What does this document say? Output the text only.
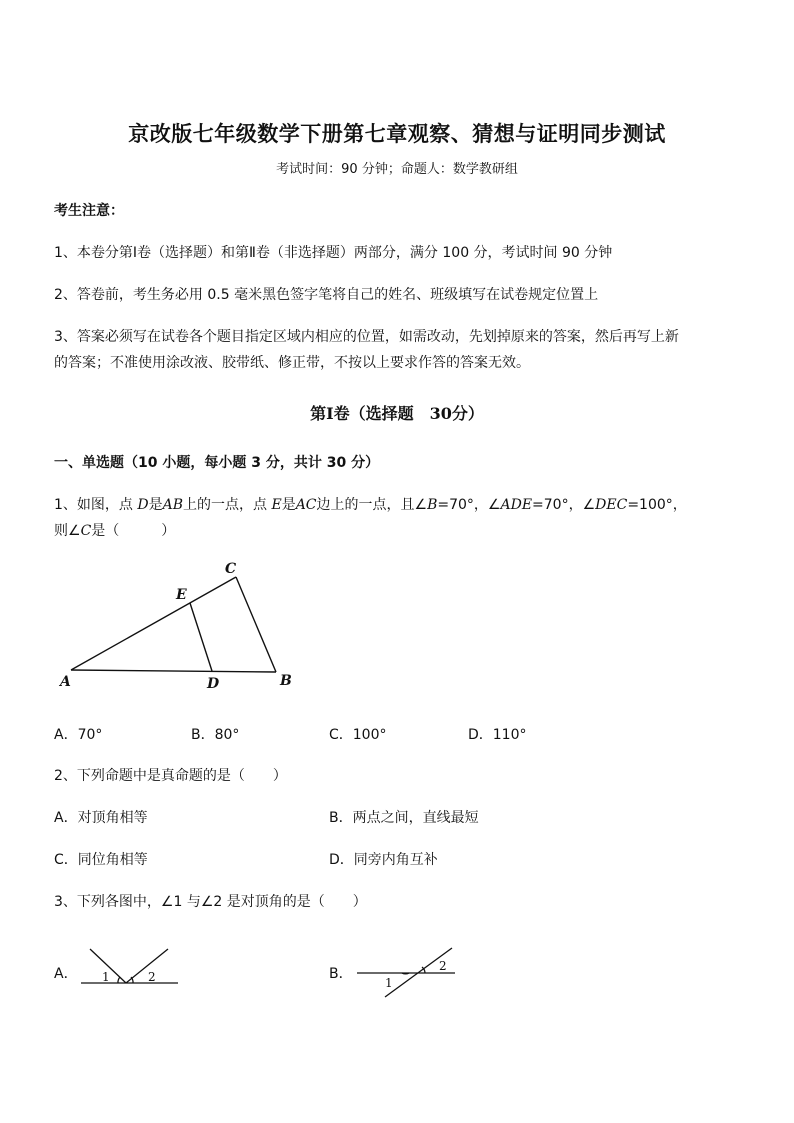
京改版七年级数学下册第七章观察、猜想与证明同步测试
考试时间：90 分钟；命题人：数学教研组
考生注意：
1、本卷分第Ⅰ卷（选择题）和第Ⅱ卷（非选择题）两部分，满分 100 分，考试时间 90 分钟
2、答卷前，考生务必用 0.5 毫米黑色签字笔将自己的姓名、班级填写在试卷规定位置上
3、答案必须写在试卷各个题目指定区域内相应的位置，如需改动，先划掉原来的答案，然后再写上新
的答案；不准使用涂改液、胶带纸、修正带，不按以上要求作答的答案无效。
第Ⅰ卷（选择题　30分）
一、单选题（10 小题，每小题 3 分，共计 30 分）
1、如图，点 D是AB上的一点，点 E是AC边上的一点，且∠B=70°，∠ADE=70°，∠DEC=100°，
则∠C是（　　　）
C
E
A	D	B
A．70°	B．80°	C．100°	D．110°
2、下列命题中是真命题的是（　　）
A．对顶角相等	B．两点之间，直线最短
C．同位角相等	D．同旁内角互补
3、下列各图中，∠1 与∠2 是对顶角的是（　　）
A． 1	2	B．
1
2
